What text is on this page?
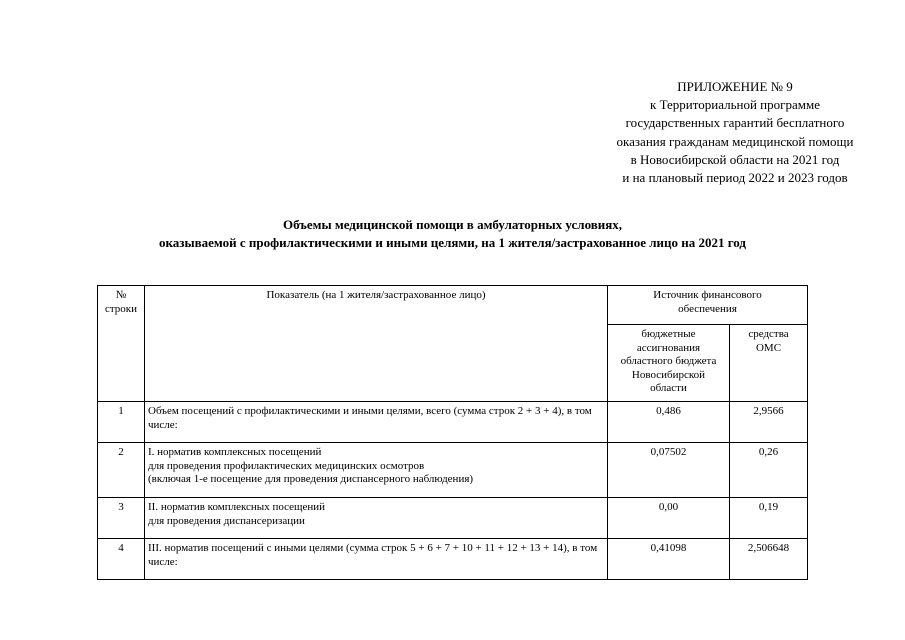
ПРИЛОЖЕНИЕ № 9
к Территориальной программе
государственных гарантий бесплатного
оказания гражданам медицинской помощи
в Новосибирской области на 2021 год
и на плановый период 2022 и 2023 годов
Объемы медицинской помощи в амбулаторных условиях,
оказываемой с профилактическими и иными целями, на 1 жителя/застрахованное лицо на 2021 год
№
строки	Показатель (на 1 жителя/застрахованное лицо)	Источник финансового
обеспечения	
		бюджетные
ассигнования
областного бюджета
Новосибирской
области	средства
ОМС
1	Объем посещений с профилактическими и иными целями, всего (сумма строк 2 + 3 + 4), в том числе:	0,486	2,9566
2	I. норматив комплексных посещений
для проведения профилактических медицинских осмотров
(включая 1-е посещение для проведения диспансерного наблюдения)	0,07502	0,26
3	II. норматив комплексных посещений
для проведения диспансеризации	0,00	0,19
4	III. норматив посещений с иными целями (сумма строк 5 + 6 + 7 + 10 + 11 + 12 + 13 + 14), в том числе:	0,41098	2,506648
